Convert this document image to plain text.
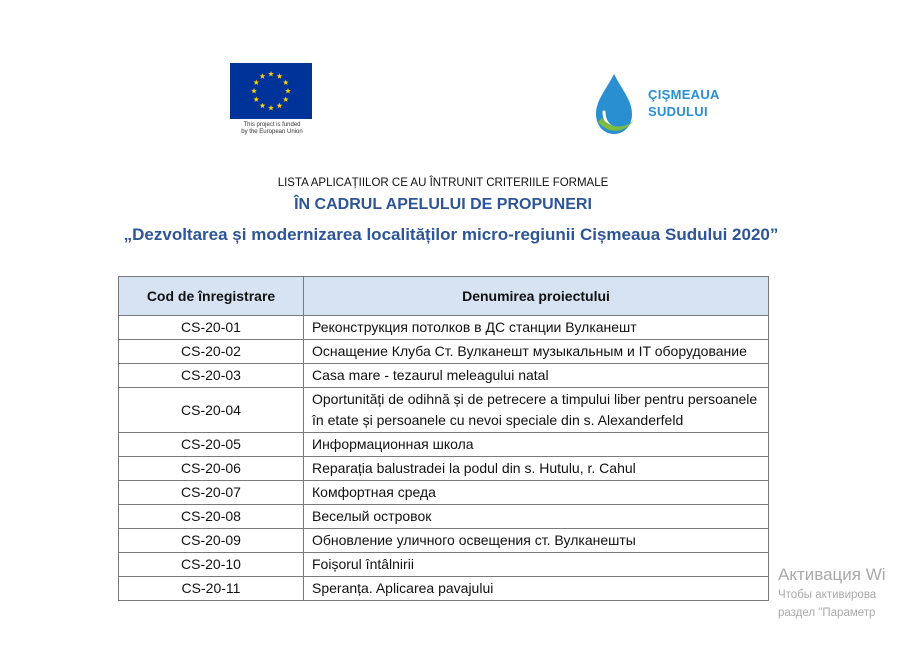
This project is funded
by the European Union
ÇIŞMEAUA
SUDULUI
LISTA APLICAȚIILOR CE AU ÎNTRUNIT CRITERIILE FORMALE
ÎN CADRUL APELULUI DE PROPUNERI
„Dezvoltarea și modernizarea localităților micro-regiunii Cișmeaua Sudului 2020”
Cod de înregistrare	Denumirea proiectului
CS-20-01	Реконструкция потолков в ДС станции Вулканешт
CS-20-02	Оснащение Клуба Ст. Вулканешт музыкальным и IT оборудование
CS-20-03	Casa mare - tezaurul meleagului natal
CS-20-04	Oportunități de odihnă și de petrecere a timpului liber pentru persoanele în etate și persoanele cu nevoi speciale din s. Alexanderfeld
CS-20-05	Информационная школа
CS-20-06	Reparația balustradei la podul din s. Hutulu, r. Cahul
CS-20-07	Комфортная среда
CS-20-08	Веселый островок
CS-20-09	Обновление уличного освещения ст. Вулканешты
CS-20-10	Foișorul întâlnirii
CS-20-11	Speranța. Aplicarea pavajului
Активация Wi
Чтобы активирова
раздел "Параметр
